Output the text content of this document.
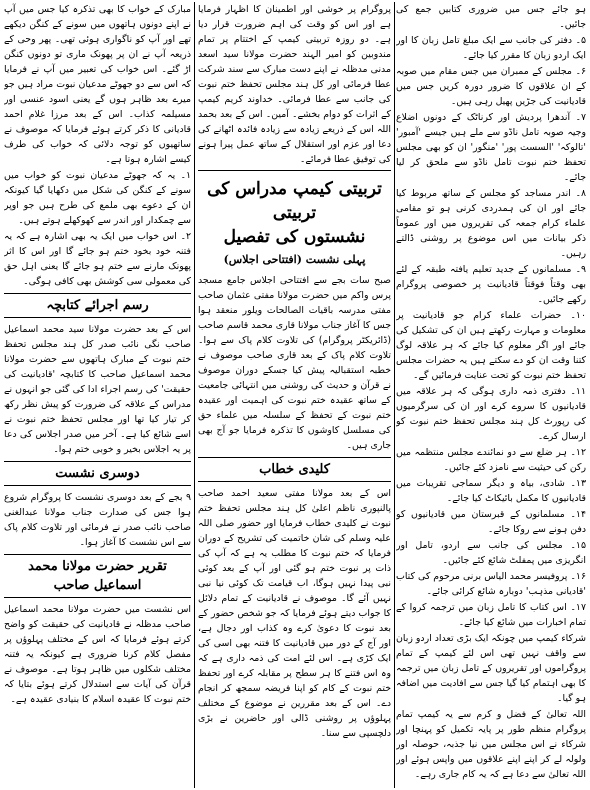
ہو جائے جس میں ضروری کتابیں جمع کی جائیں۔

۵۔ دفتر کی جانب سے ایک مبلغ تامل زبان کا اور ایک اردو زبان کا مقرر کیا جائے۔

۶۔ مجلس کے ممبران میں جس مقام میں صوبہ کے ان علاقوں کا ضرور دورہ کریں جس میں قادیانیت کی جڑیں پھیل رہی ہیں۔

۷۔ آندھرا پردیش اور کرناٹک کے دونوں اضلاع وجیہ صوبہ تامل ناڈو سے ملے ہیں جیسے 'آمبور' 'تالوکہ' 'السست پور' 'منگور' ان کو بھی مجلس تحفظ ختم نبوت تامل ناڈو سے ملحق کر لیا جائے۔

۸۔ اندر مساجد کو مجلس کے ساتھ مربوط کیا جائے اور ان کی ہمدردی کرنی ہو تو مقامی علماء کرام جمعہ کی تقریروں میں اور عموماً ذکر بیانات میں اس موضوع پر روشنی ڈالتے رہیں۔

۹۔ مسلمانوں کے جدید تعلیم یافتہ طبقہ کے لئے بھی وقتاً فوقتاً قادیانیت پر خصوصی پروگرام رکھے جائیں۔

۱۰۔ حضرات علماء کرام جو قادیانیت پر معلومات و مہارت رکھتے ہیں ان کی تشکیل کی جائے اور اگر معلوم کیا جائے کہ ہر علاقہ لوگ کتنا وقت ان کو دے سکتے ہیں یہ حضرات مجلس تحفظ ختم نبوت کو تحت عنایت فرمائیں گے۔

۱۱۔ دفتری ذمہ داری ہوگی کہ ہر علاقہ میں قادیانیوں کا سروے کرے اور ان کی سرگرمیوں کی رپورٹ کل ہند مجلس تحفظ ختم نبوت کو ارسال کرے۔

۱۲۔ ہر ضلع سے دو نمائندے مجلس منتظمہ میں رکن کی حیثیت سے نامزد کئے جائیں۔

۱۳۔ شادی، بیاہ و دیگر سماجی تقریبات میں قادیانیوں کا مکمل بائیکاٹ کیا جائے۔

۱۴۔ مسلمانوں کے قبرستان میں قادیانیوں کو دفن ہونے سے روکا جائے۔

۱۵۔ مجلس کی جانب سے اردو، تامل اور انگریزی میں پمفلٹ شائع کئے جائیں۔

۱۶۔ پروفیسر محمد الیاس برنی مرحوم کی کتاب 'قادیانی مذہب' دوبارہ شائع کرائی جائے۔

۱۷۔ اس کتاب کا تامل زبان میں ترجمہ کروا کے تمام اخبارات میں شائع کیا جائے۔

شرکاء کیمپ میں چونکہ ایک بڑی تعداد اردو زبان سے واقف نہیں تھی اس لئے کیمپ کے تمام پروگراموں اور تقریروں کے تامل زبان میں ترجمہ کا بھی اہتمام کیا گیا جس سے افادیت میں اضافہ ہو گیا۔

اللہ تعالیٰ کے فضل و کرم سے یہ کیمپ تمام پروگرام منظم طور پر پایہ تکمیل کو پہنچا اور شرکاء نے اس مجلس میں نیا جذبہ، حوصلہ اور ولولہ لے کر اپنے اپنے علاقوں میں واپس ہوئے اور اللہ تعالیٰ سے دعا ہے کہ یہ کام جاری رہے۔

پروگرام پر خوشی اور اطمینان کا اظہار فرمایا ہے اور اس کو وقت کی اہم ضرورت قرار دیا ہے۔ دو روزہ تربیتی کیمپ کے اختتام پر تمام مندوبین کو امیر الہند حضرت مولانا سید اسعد مدنی مدظلہ نے اپنے دست مبارک سے سند شرکت عطا فرمائی اور کل ہند مجلس تحفظ ختم نبوت کی جانب سے عطا فرمائی۔ خداوند کریم کیمپ کے اثرات کو دوام بخشے۔ آمین۔ اس کے بعد بحمد اللہ اس کے ذریعے زیادہ سے زیادہ فائدہ اٹھانے کی دعا اور عزم اور استقلال کے ساتھ عمل پیرا ہونے کی توفیق عطا فرمائے۔

تربیتی کیمپ مدراس کی تربیتی
نشستوں کی تفصیل
پہلی نشست (افتتاحی اجلاس)

صبح سات بجے سے افتتاحی اجلاس جامع مسجد پرس واکم میں حضرت مولانا مفتی عثمان صاحب مفتی مدرسہ باقیات الصالحات ویلور منعقد ہوا جس کا آغاز جناب مولانا قاری محمد قاسم صاحب (ڈائریکٹر پروگرام) کی تلاوت کلام پاک سے ہوا۔ تلاوت کلام پاک کے بعد قاری صاحب موصوف نے خطبہ استقبالیہ پیش کیا جسکے دوران موصوف نے قرآن و حدیث کی روشنی میں انتہائی جامعیت کے ساتھ عقیدہ ختم نبوت کی اہمیت اور عقیدہ ختم نبوت کے تحفظ کے سلسلہ میں علماء حق کی مسلسل کاوشوں کا تذکرہ فرمایا جو آج بھی جاری ہیں۔

کلیدی خطاب

اس کے بعد مولانا مفتی سعید احمد صاحب پالنپوری ناظم اعلیٰ کل ہند مجلس تحفظ ختم نبوت نے کلیدی خطاب فرمایا اور حضور صلی اللہ علیہ وسلم کی شان خاتمیت کی تشریح کے دوران فرمایا کہ ختم نبوت کا مطلب یہ ہے کہ آپ کی ذات پر نبوت ختم ہو گئی اور آپ کے بعد کوئی نبی پیدا نہیں ہوگا، اب قیامت تک کوئی نیا نبی نہیں آئے گا۔ موصوف نے قادیانیت کے تمام دلائل کا جواب دیتے ہوئے فرمایا کہ جو شخص حضور کے بعد نبوت کا دعویٰ کرے وہ کذاب اور دجال ہے، اور آج کے دور میں قادیانیت کا فتنہ بھی اسی کی ایک کڑی ہے۔ اس لئے امت کی ذمہ داری ہے کہ وہ اس فتنے کا ہر سطح پر مقابلہ کرے اور تحفظ ختم نبوت کے کام کو اپنا فریضہ سمجھ کر انجام دے۔ اس کے بعد مقررین نے موضوع کے مختلف پہلوؤں پر روشنی ڈالی اور حاضرین نے بڑی دلچسپی سے سنا۔

مبارک کے خواب کا بھی تذکرہ کیا جس میں آپ نے اپنے دونوں ہاتھوں میں سونے کے کنگن دیکھے تھے اور آپ کو ناگواری ہوئی تھی۔ پھر وحی کے ذریعہ آپ نے ان پر پھونک ماری تو دونوں کنگن اڑ گئے۔ اس خواب کی تعبیر میں آپ نے فرمایا کہ اس سے دو جھوٹے مدعیان نبوت مراد ہیں جو میرے بعد ظاہر ہوں گے یعنی اسود عنسی اور مسیلمہ کذاب۔ اس کے بعد مرزا غلام احمد قادیانی کا ذکر کرتے ہوئے فرمایا کہ موصوف نے ساتھیوں کو توجہ دلائی کہ خواب کی طرف کیسے اشارہ ہوتا ہے۔

۱۔ یہ کہ جھوٹے مدعیان نبوت کو خواب میں سونے کے کنگن کی شکل میں دکھایا گیا کیونکہ ان کے دعوے بھی ملمع کی طرح ہیں جو اوپر سے چمکدار اور اندر سے کھوکھلے ہوتے ہیں۔

۲۔ اس خواب میں ایک یہ بھی اشارہ ہے کہ یہ فتنہ خود بخود ختم ہو جائے گا اور اس کا اثر پھونک مارنے سے ختم ہو جائے گا یعنی اہل حق کی معمولی سی کوشش بھی کافی ہوگی۔

رسم اجرائے کتابچہ

اس کے بعد حضرت مولانا سید محمد اسماعیل صاحب نگی نائب صدر کل ہند مجلس تحفظ ختم نبوت کے مبارک ہاتھوں سے حضرت مولانا محمد اسماعیل صاحب کا کتابچہ 'قادیانیت کی حقیقت' کی رسم اجراء ادا کی گئی جو انہوں نے مدراس کے علاقہ کی ضرورت کو پیش نظر رکھ کر تیار کیا تھا اور مجلس تحفظ ختم نبوت نے اسے شائع کیا ہے۔ آخر میں صدر اجلاس کی دعا پر یہ اجلاس بخیر و خوبی ختم ہوا۔

دوسری نشست

۹ بجے کے بعد دوسری نشست کا پروگرام شروع ہوا جس کی صدارت جناب مولانا عبدالغنی صاحب نائب صدر نے فرمائی اور تلاوت کلام پاک سے اس نشست کا آغاز ہوا۔

تقریر حضرت مولانا محمد اسماعیل صاحب

اس نشست میں حضرت مولانا محمد اسماعیل صاحب مدظلہ نے قادیانیت کی حقیقت کو واضح کرتے ہوئے فرمایا کہ اس کے مختلف پہلوؤں پر مفصل کلام کرنا ضروری ہے کیونکہ یہ فتنہ مختلف شکلوں میں ظاہر ہوتا ہے۔ موصوف نے قرآن کی آیات سے استدلال کرتے ہوئے بتایا کہ ختم نبوت کا عقیدہ اسلام کا بنیادی عقیدہ ہے۔
